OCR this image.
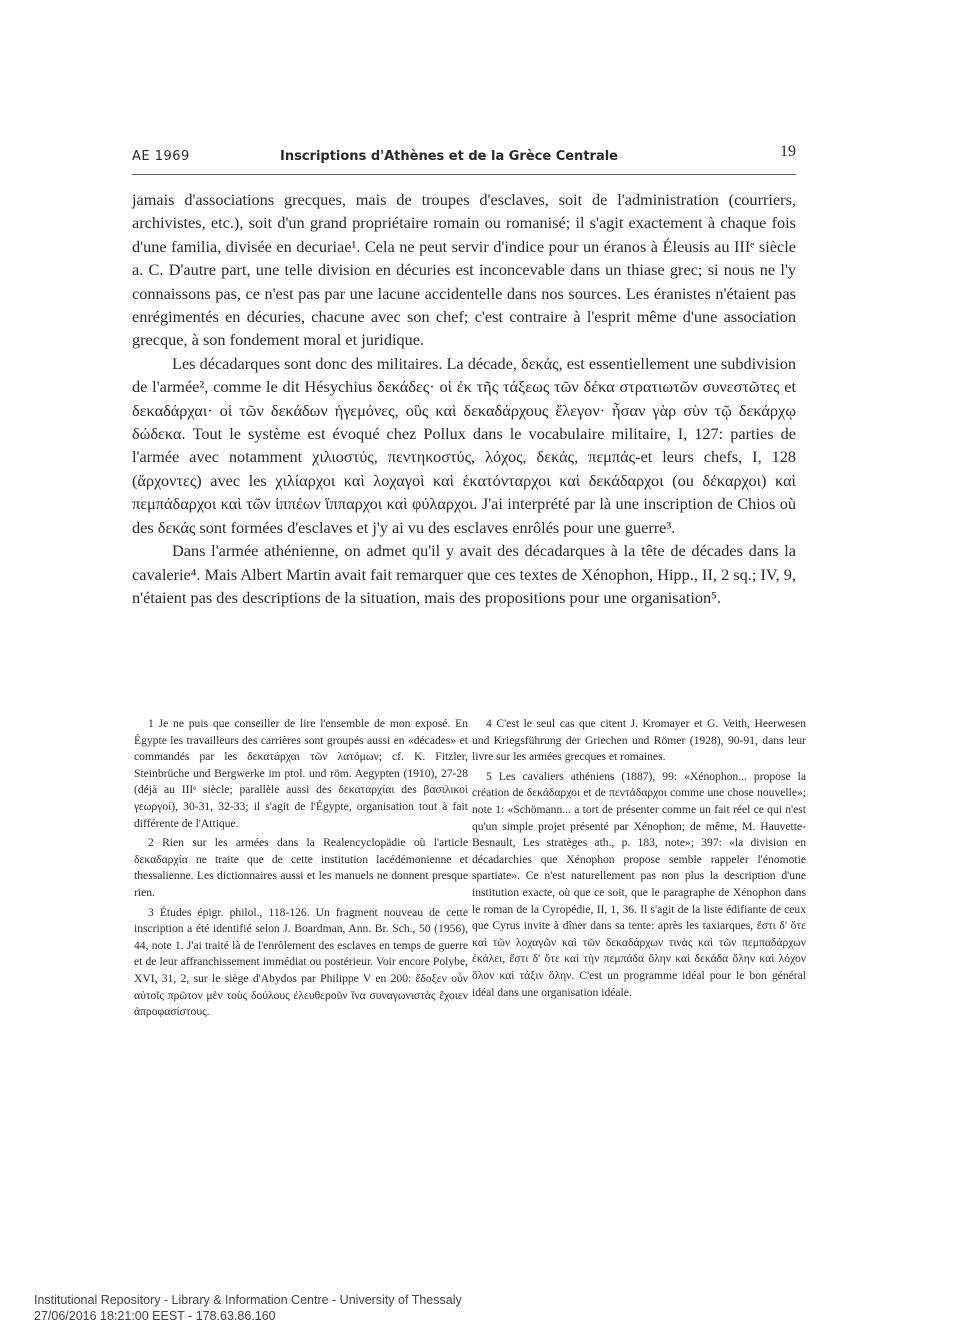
AE 1969	Inscriptions d'Athènes et de la Grèce Centrale	19

jamais d'associations grecques, mais de troupes d'esclaves, soit de l'administration (courriers, archivistes, etc.), soit d'un grand propriétaire romain ou romanisé; il s'agit exactement à chaque fois d'une familia, divisée en decuriae¹. Cela ne peut servir d'indice pour un éranos à Éleusis au IIIᵉ siècle a. C. D'autre part, une telle division en décuries est inconcevable dans un thiase grec; si nous ne l'y connaissons pas, ce n'est pas par une lacune accidentelle dans nos sources. Les éranistes n'étaient pas enrégimentés en décuries, chacune avec son chef; c'est contraire à l'esprit même d'une association grecque, à son fondement moral et juridique.

Les décadarques sont donc des militaires. La décade, δεκάς, est essentiellement une subdivision de l'armée², comme le dit Hésychius δεκάδες· οἱ ἐκ τῆς τάξεως τῶν δέκα στρατιωτῶν συνεστῶτες et δεκαδάρχαι· οἱ τῶν δεκάδων ἡγεμόνες, οὓς καὶ δεκαδάρχους ἔλεγον· ἦσαν γὰρ σὺν τῷ δεκάρχῳ δώδεκα. Tout le système est évoqué chez Pollux dans le vocabulaire militaire, I, 127: parties de l'armée avec notamment χιλιοστύς, πεντηκοστύς, λόχος, δεκάς, πεμπάς-et leurs chefs, I, 128 (ἄρχοντες) avec les χιλίαρχοι καὶ λοχαγοὶ καὶ ἑκατόνταρχοι καὶ δεκάδαρχοι (ou δέκαρχοι) καὶ πεμπάδαρχοι καὶ τῶν ἱππέων ἵππαρχοι καὶ φύλαρχοι. J'ai interprété par là une inscription de Chios où des δεκάς sont formées d'esclaves et j'y ai vu des esclaves enrôlés pour une guerre³.

Dans l'armée athénienne, on admet qu'il y avait des décadarques à la tête de décades dans la cavalerie⁴. Mais Albert Martin avait fait remarquer que ces textes de Xénophon, Hipp., II, 2 sq.; IV, 9, n'étaient pas des descriptions de la situation, mais des propositions pour une organisation⁵.

1 Je ne puis que conseiller de lire l'ensemble de mon exposé. En Égypte les travailleurs des carrières sont groupés aussi en «décades» et commandés par les δεκατάρχαι τῶν λατόμων; cf. K. Fitzler, Steinbrüche und Bergwerke im ptol. und röm. Aegypten (1910), 27-28 (déjà au IIIᵉ siècle; parallèle aussi des δεκαταρχίαι des βασιλικοὶ γεωργοί), 30-31, 32-33; il s'agit de l'Égypte, organisation tout à fait différente de l'Attique.

2 Rien sur les armées dans la Realencyclopädie où l'article δεκαδαρχία ne traite que de cette institution lacédémonienne et thessalienne. Les dictionnaires aussi et les manuels ne donnent presque rien.

3 Études épigr. philol., 118-126. Un fragment nouveau de cette inscription a été identifié selon J. Boardman, Ann. Br. Sch., 50 (1956), 44, note 1. J'ai traité là de l'enrôlement des esclaves en temps de guerre et de leur affranchissement immédiat ou postérieur. Voir encore Polybe, XVI, 31, 2, sur le siège d'Abydos par Philippe V en 200: ἔδοξεν οὖν αὐτοῖς πρῶτον μὲν τοὺς δούλους ἐλευθεροῦν ἵνα συναγωνιστὰς ἔχοιεν ἀπροφασίστους.

4 C'est le seul cas que citent J. Kromayer et G. Veith, Heerwesen und Kriegsführung der Griechen und Römer (1928), 90-91, dans leur livre sur les armées grecques et romaines.

5 Les cavaliers athéniens (1887), 99: «Xénophon... propose la création de δεκάδαρχοι et de πεντάδαρχοι comme une chose nouvelle»; note 1: «Schömann... a tort de présenter comme un fait réel ce qui n'est qu'un simple projet présenté par Xénophon; de même, M. Hauvette-Besnault, Les stratèges ath., p. 183, note»; 397: «la division en décadarchies que Xénophon propose semble rappeler l'énomotie spartiate». Ce n'est naturellement pas non plus la description d'une institution exacte, où que ce soit, que le paragraphe de Xénophon dans le roman de la Cyropédie, II, 1, 36. Il s'agit de la liste édifiante de ceux que Cyrus invite à dîner dans sa tente: après les taxiarques, ἔστι δ' ὅτε καὶ τῶν λοχαγῶν καὶ τῶν δεκαδάρχων τινὰς καὶ τῶν πεμπαδάρχων ἐκάλει, ἔστι δ' ὅτε καὶ τὴν πεμπάδα ὅλην καὶ δεκάδα ὅλην καὶ λόχον ὅλον καὶ τάξιν ὅλην. C'est un programme idéal pour le bon général idéal dans une organisation idéale.

Institutional Repository - Library & Information Centre - University of Thessaly
27/06/2016 18:21:00 EEST - 178.63.86.160
